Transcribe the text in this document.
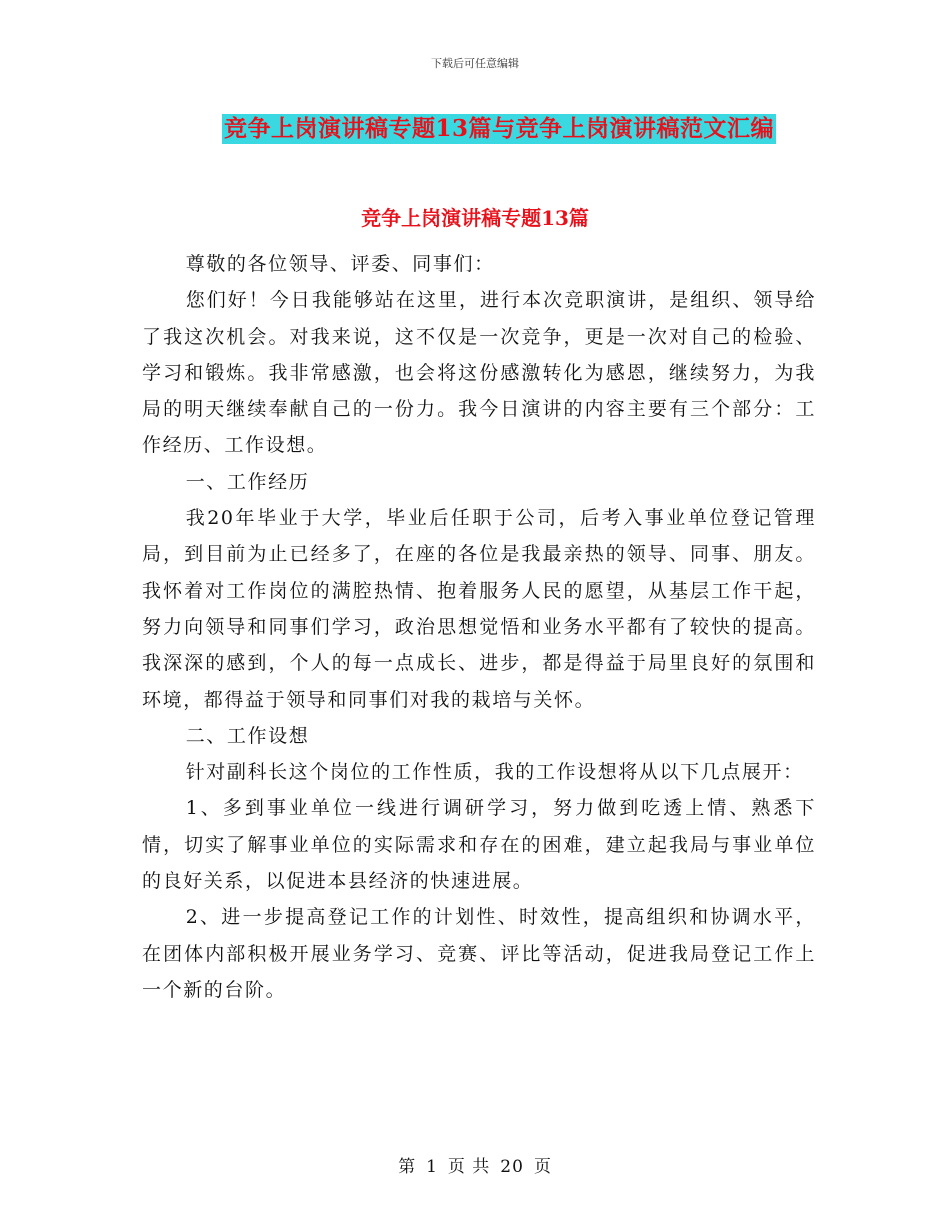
下载后可任意编辑
竞争上岗演讲稿专题13篇与竞争上岗演讲稿范文汇编
竞争上岗演讲稿专题13篇

尊敬的各位领导、评委、同事们：

您们好！今日我能够站在这里，进行本次竞职演讲，是组织、领导给了我这次机会。对我来说，这不仅是一次竞争，更是一次对自己的检验、学习和锻炼。我非常感激，也会将这份感激转化为感恩，继续努力，为我局的明天继续奉献自己的一份力。我今日演讲的内容主要有三个部分：工作经历、工作设想。

一、工作经历

我20年毕业于大学，毕业后任职于公司，后考入事业单位登记管理局，到目前为止已经多了，在座的各位是我最亲热的领导、同事、朋友。我怀着对工作岗位的满腔热情、抱着服务人民的愿望，从基层工作干起，努力向领导和同事们学习，政治思想觉悟和业务水平都有了较快的提高。我深深的感到，个人的每一点成长、进步，都是得益于局里良好的氛围和环境，都得益于领导和同事们对我的栽培与关怀。

二、工作设想

针对副科长这个岗位的工作性质，我的工作设想将从以下几点展开：

1、多到事业单位一线进行调研学习，努力做到吃透上情、熟悉下情，切实了解事业单位的实际需求和存在的困难，建立起我局与事业单位的良好关系，以促进本县经济的快速进展。

2、进一步提高登记工作的计划性、时效性，提高组织和协调水平，在团体内部积极开展业务学习、竞赛、评比等活动，促进我局登记工作上一个新的台阶。

第 1 页 共 20 页
